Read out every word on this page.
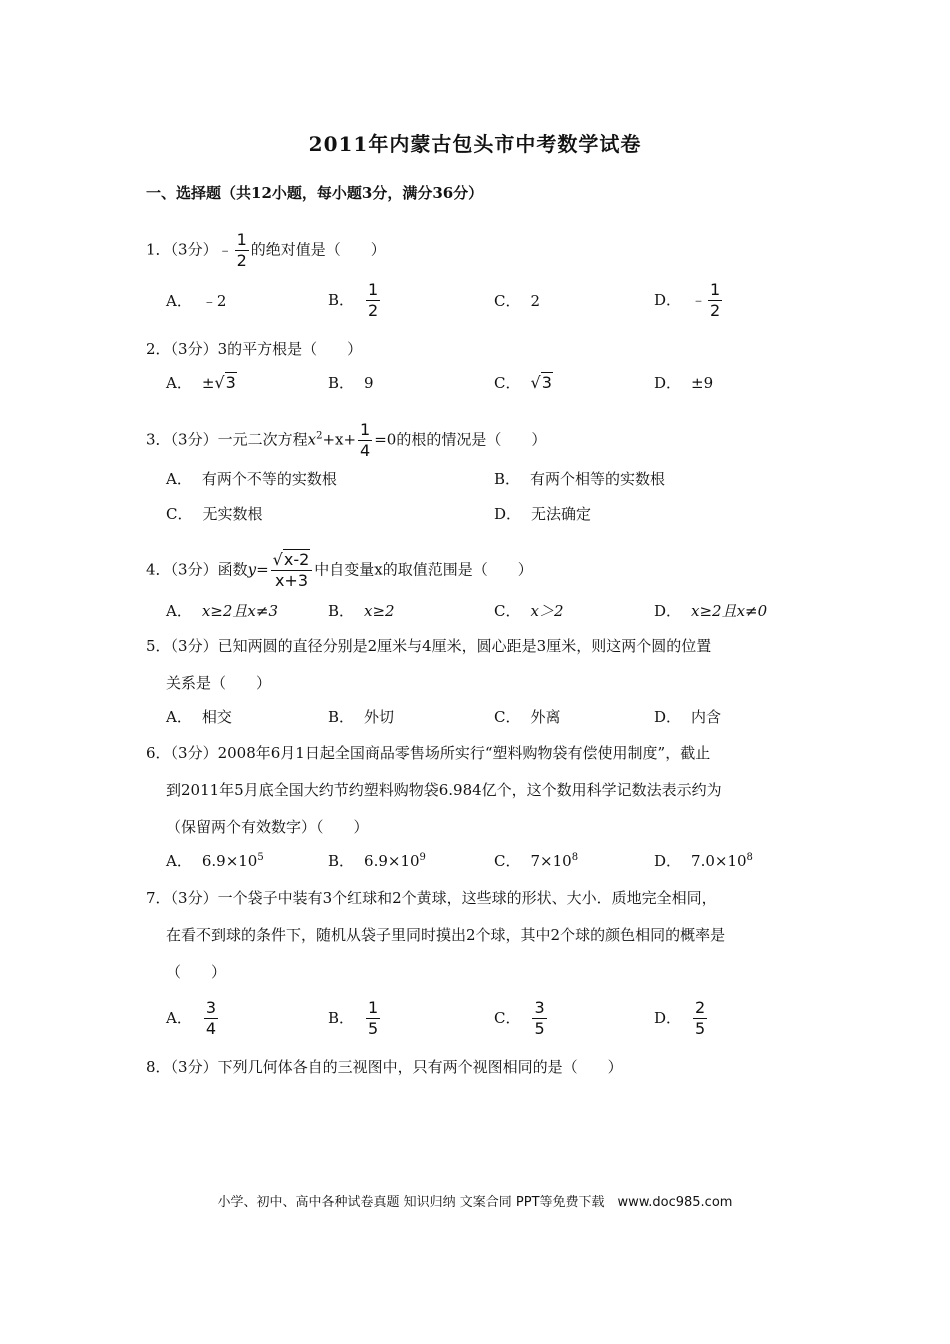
2011年内蒙古包头市中考数学试卷
一、选择题（共12小题，每小题3分，满分36分）
1．（3分）﹣ $\frac{1}{2}$ 的绝对值是（　　）
A． ﹣2	B． $\frac{1}{2}$	C． 2	D． ﹣ $\frac{1}{2}$
2．（3分）3的平方根是（　　）
A． ±√3	B． 9	C． √3	D． ±9
3．（3分）一元二次方程$x^2+x+ \frac{1}{4} =0$的根的情况是（　　）
A． 有两个不等的实数根	B． 有两个相等的实数根
C． 无实数根	D． 无法确定
4．（3分）函数$y= \frac{√x-2}{x+3}$ 中自变量x的取值范围是（　　）
A． x≥2且x≠3	B． x≥2	C． x＞2	D． x≥2且x≠0
5．（3分）已知两圆的直径分别是2厘米与4厘米，圆心距是3厘米，则这两个圆的位置
关系是（　　）
A． 相交	B． 外切	C． 外离	D． 内含
6．（3分）2008年6月1日起全国商品零售场所实行“塑料购物袋有偿使用制度”，截止
到2011年5月底全国大约节约塑料购物袋6.984亿个，这个数用科学记数法表示约为
（保留两个有效数字）（　　）
A． $6.9\times 10^5$	B． $6.9\times 10^9$	C． $7\times 10^8$	D． $7.0\times 10^8$
7．（3分）一个袋子中装有3个红球和2个黄球，这些球的形状、大小．质地完全相同，
在看不到球的条件下，随机从袋子里同时摸出2个球，其中2个球的颜色相同的概率是
（　　）
A． $\frac{3}{4}$	B． $\frac{1}{5}$	C． $\frac{3}{5}$	D． $\frac{2}{5}$
8．（3分）下列几何体各自的三视图中，只有两个视图相同的是（　　）
小学、初中、高中各种试卷真题 知识归纳 文案合同 PPT等免费下载　www.doc985.com
